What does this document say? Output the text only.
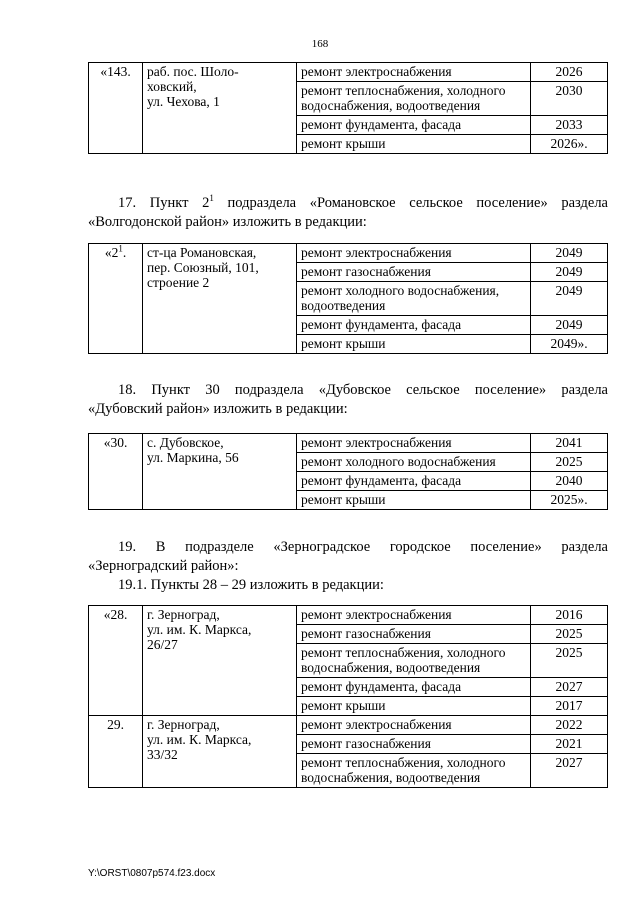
168
«143.	раб. пос. Шоло-
ховский,
ул. Чехова, 1	ремонт электроснабжения	2026
		ремонт теплоснабжения, холодного водоснабжения, водоотведения	2030
		ремонт фундамента, фасада	2033
		ремонт крыши	2026».
17. Пункт $2^1$ подраздела «Романовское сельское поселение» раздела
«Волгодонской район» изложить в редакции:
«$2^1$.	ст-ца Романовская,
пер. Союзный, 101,
строение 2	ремонт электроснабжения	2049
		ремонт газоснабжения	2049
		ремонт холодного водоснабжения, водоотведения	2049
		ремонт фундамента, фасада	2049
		ремонт крыши	2049».
18. Пункт 30 подраздела «Дубовское сельское поселение» раздела
«Дубовский район» изложить в редакции:
«30.	с. Дубовское,
ул. Маркина, 56	ремонт электроснабжения	2041
		ремонт холодного водоснабжения	2025
		ремонт фундамента, фасада	2040
		ремонт крыши	2025».
19. В подразделе «Зерноградское городское поселение» раздела
«Зерноградский район»:
19.1. Пункты 28 – 29 изложить в редакции:
«28.	г. Зерноград,
ул. им. К. Маркса,
26/27	ремонт электроснабжения	2016
		ремонт газоснабжения	2025
		ремонт теплоснабжения, холодного водоснабжения, водоотведения	2025
		ремонт фундамента, фасада	2027
		ремонт крыши	2017
29.	г. Зерноград,
ул. им. К. Маркса,
33/32	ремонт электроснабжения	2022
		ремонт газоснабжения	2021
		ремонт теплоснабжения, холодного водоснабжения, водоотведения	2027
Y:\ORST\0807p574.f23.docx
